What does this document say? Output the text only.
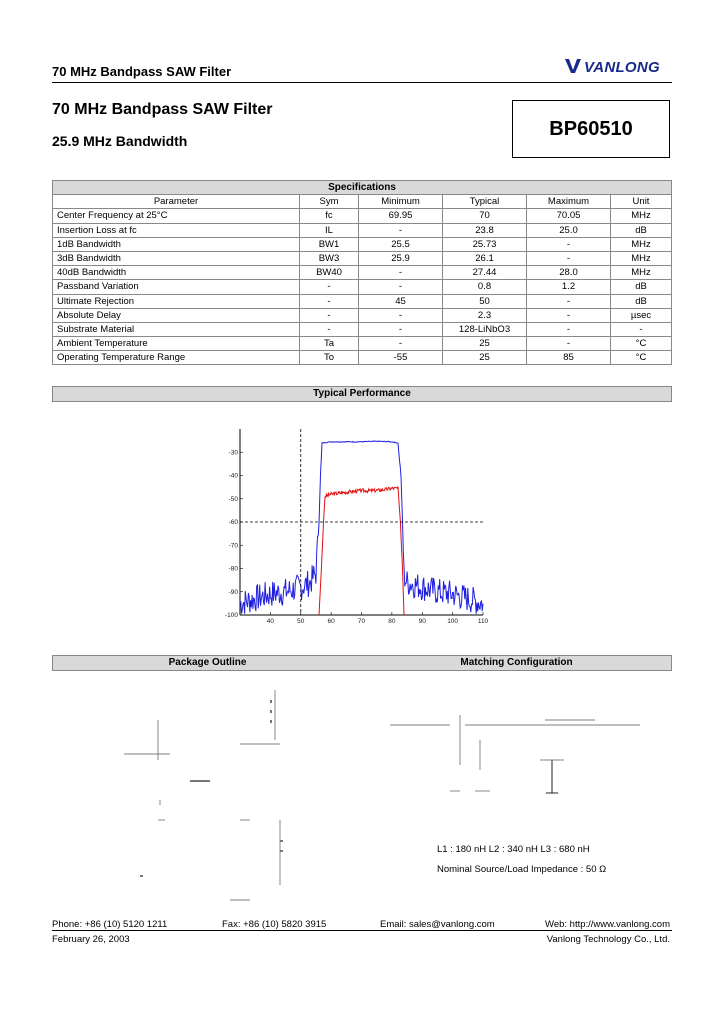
70 MHz Bandpass SAW Filter	VANLONG
70 MHz Bandpass SAW Filter
25.9 MHz Bandwidth
BP60510
Specifications					
Parameter	Sym	Minimum	Typical	Maximum	Unit
Center Frequency at 25°C	fc	69.95	70	70.05	MHz
Insertion Loss at fc	IL	-	23.8	25.0	dB
1dB Bandwidth	BW1	25.5	25.73	-	MHz
3dB Bandwidth	BW3	25.9	26.1	-	MHz
40dB Bandwidth	BW40	-	27.44	28.0	MHz
Passband Variation	-	-	0.8	1.2	dB
Ultimate Rejection	-	45	50	-	dB
Absolute Delay	-	-	2.3	-	µsec
Substrate Material	-	-	128-LiNbO3	-	-
Ambient Temperature	Ta	-	25	-	°C
Operating Temperature Range	To	-55	25	85	°C
Typical Performance
-30
-40
-50
-60
-70
-80
-90
-100
40	50	60	70	80	90	100	110
Package Outline	Matching Configuration
L1 : 180 nH L2 : 340 nH L3 : 680 nH
Nominal Source/Load Impedance : 50 Ω
Phone: +86 (10) 5120 1211	Fax: +86 (10) 5820 3915	Email: sales@vanlong.com	Web: http://www.vanlong.com
February 26, 2003	Vanlong Technology Co., Ltd.
